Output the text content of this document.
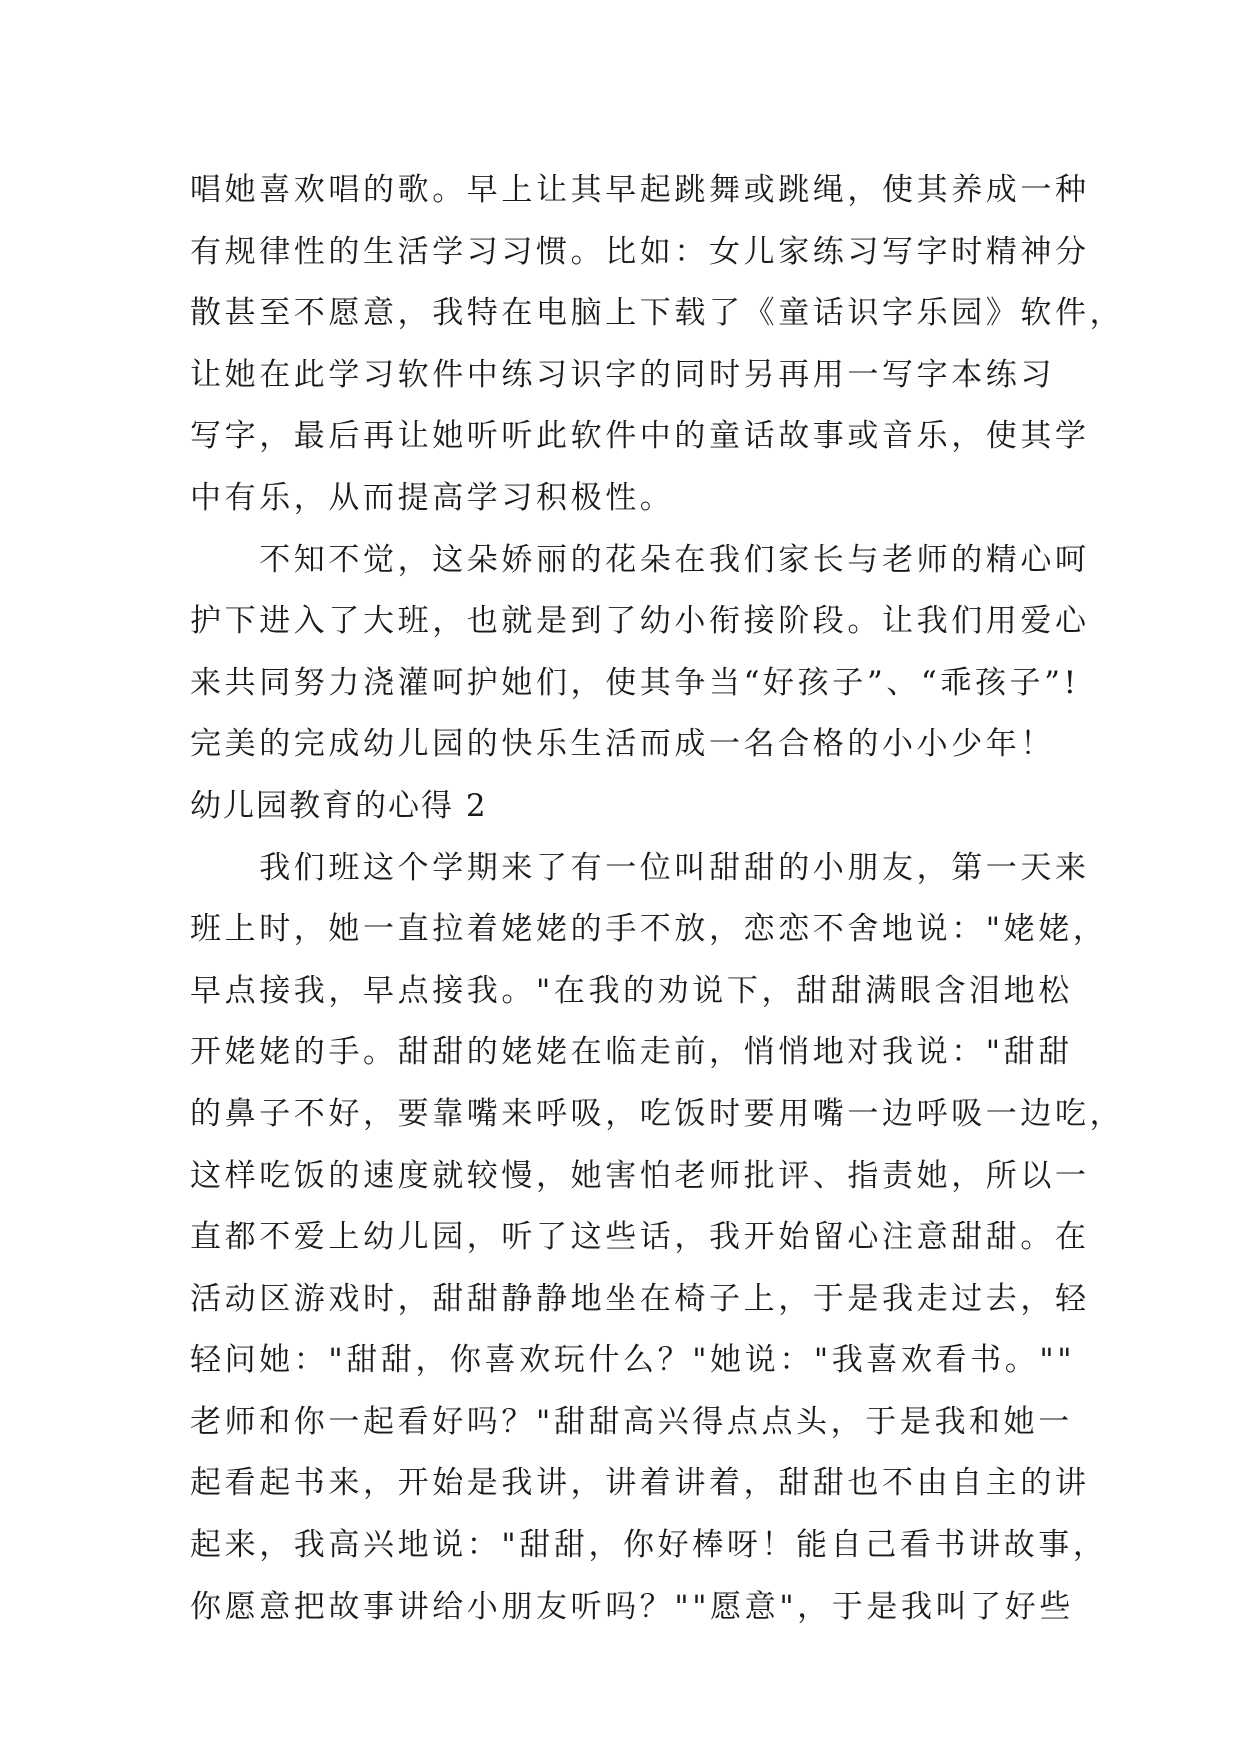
唱她喜欢唱的歌。早上让其早起跳舞或跳绳，使其养成一种
有规律性的生活学习习惯。比如：女儿家练习写字时精神分
散甚至不愿意，我特在电脑上下载了《童话识字乐园》软件，
让她在此学习软件中练习识字的同时另再用一写字本练习
写字，最后再让她听听此软件中的童话故事或音乐，使其学
中有乐，从而提高学习积极性。
　　不知不觉，这朵娇丽的花朵在我们家长与老师的精心呵
护下进入了大班，也就是到了幼小衔接阶段。让我们用爱心
来共同努力浇灌呵护她们，使其争当“好孩子”、“乖孩子”!
完美的完成幼儿园的快乐生活而成一名合格的小小少年！
幼儿园教育的心得 2
　　我们班这个学期来了有一位叫甜甜的小朋友，第一天来
班上时，她一直拉着姥姥的手不放，恋恋不舍地说："姥姥，
早点接我，早点接我。"在我的劝说下，甜甜满眼含泪地松
开姥姥的手。甜甜的姥姥在临走前，悄悄地对我说："甜甜
的鼻子不好，要靠嘴来呼吸，吃饭时要用嘴一边呼吸一边吃，
这样吃饭的速度就较慢，她害怕老师批评、指责她，所以一
直都不爱上幼儿园，听了这些话，我开始留心注意甜甜。在
活动区游戏时，甜甜静静地坐在椅子上，于是我走过去，轻
轻问她："甜甜，你喜欢玩什么？"她说："我喜欢看书。""
老师和你一起看好吗？"甜甜高兴得点点头，于是我和她一
起看起书来，开始是我讲，讲着讲着，甜甜也不由自主的讲
起来，我高兴地说："甜甜，你好棒呀！能自己看书讲故事，
你愿意把故事讲给小朋友听吗？""愿意"，于是我叫了好些
